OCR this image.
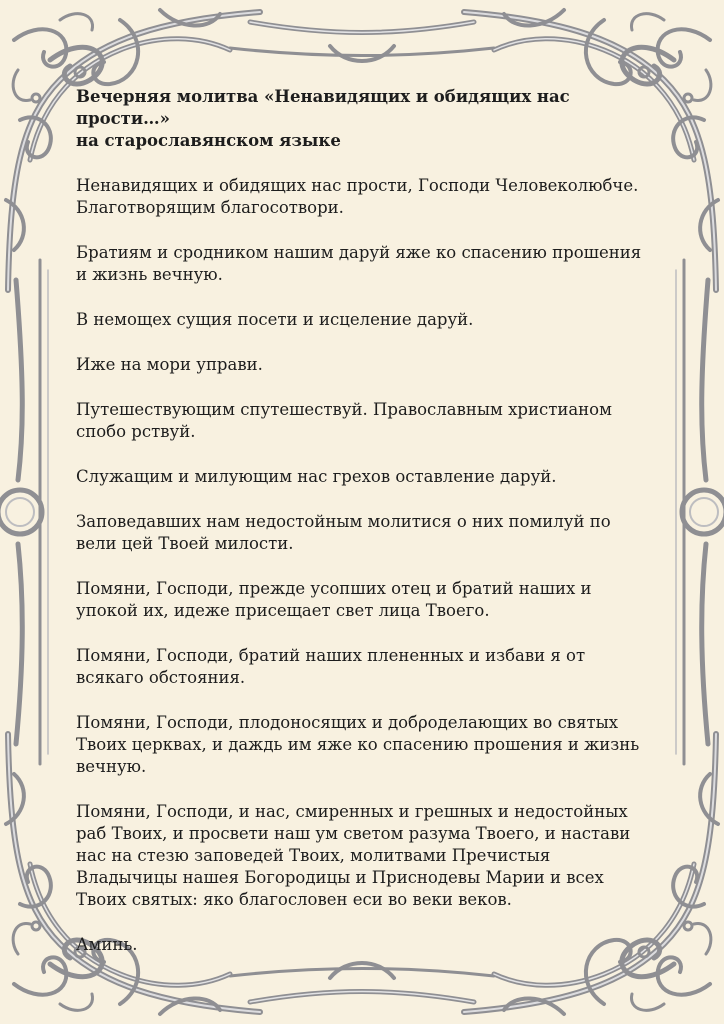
Вечерняя молитва «Ненавидящих и обидящих нас прости…»
на старославянском языке

Ненавидящих и обидящих нас прости, Господи Человеколюбче. Благотворящим благосотвори.

Братиям и сродником нашим даруй яже ко спасению прошения и жизнь вечную.

В немощех сущия посети и исцеление даруй.

Иже на мори управи.

Путешествующим спутешествуй. Православным христианом спобо рствуй.

Служащим и милующим нас грехов оставление даруй.

Заповедавших нам недостойным молитися о них помилуй по вели цей Твоей милости.

Помяни, Господи, прежде усопших отец и братий наших и упокой их, идеже присещает свет лица Твоего.

Помяни, Господи, братий наших плененных и избави я от всякаго обстояния.

Помяни, Господи, плодоносящих и добροделающих во святых Твоих церквах, и даждь им яже ко спасению прошения и жизнь вечную.

Помяни, Господи, и нас, смиренных и грешных и недостойных раб Твоих, и просвети наш ум светом разума Твоего, и настави нас на стезю заповедей Твоих, молитвами Пречистыя Владычицы нашея Богородицы и Приснодевы Марии и всех Твоих святых: яко благословен еси во веки веков.

Аминь.
